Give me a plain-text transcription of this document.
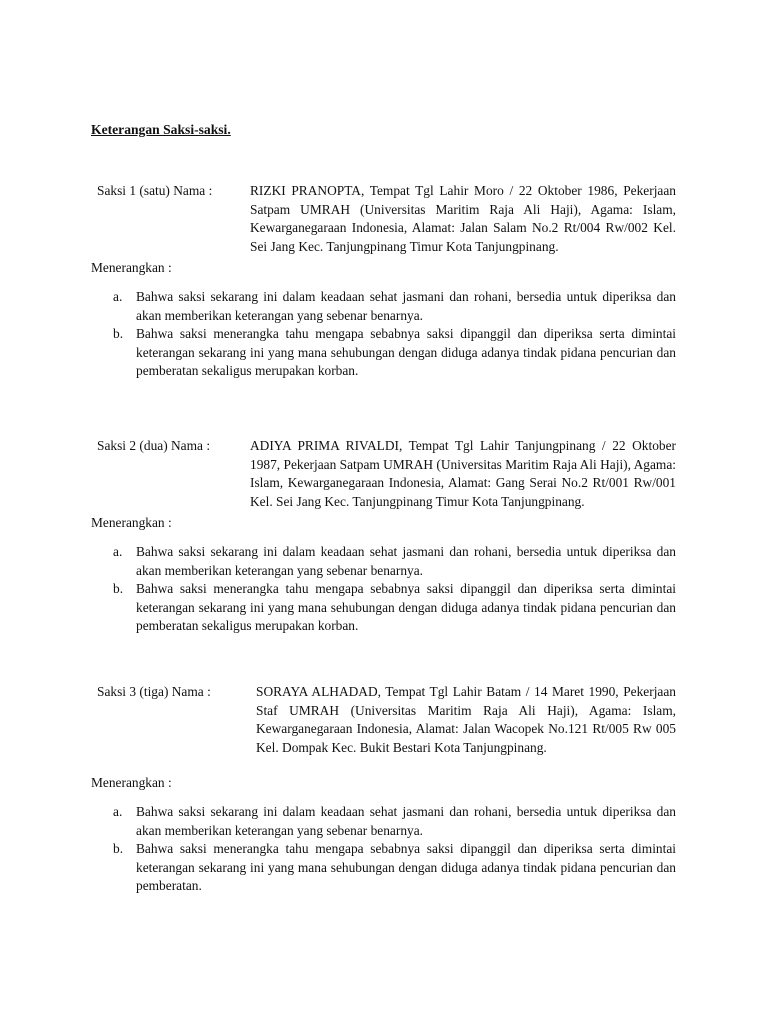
Keterangan Saksi-saksi.
Saksi 1 (satu) Nama :	RIZKI PRANOPTA, Tempat Tgl Lahir Moro / 22 Oktober 1986, Pekerjaan Satpam UMRAH (Universitas Maritim Raja Ali Haji), Agama: Islam, Kewarganegaraan Indonesia, Alamat: Jalan Salam No.2 Rt/004 Rw/002 Kel. Sei Jang Kec. Tanjungpinang Timur Kota Tanjungpinang.
Menerangkan :
a.	Bahwa saksi sekarang ini dalam keadaan sehat jasmani dan rohani, bersedia untuk diperiksa dan akan memberikan keterangan yang sebenar benarnya.
b. Bahwa saksi menerangka tahu mengapa sebabnya saksi dipanggil dan diperiksa serta dimintai keterangan sekarang ini yang mana sehubungan dengan diduga adanya tindak pidana pencurian dan pemberatan sekaligus merupakan korban.
Saksi 2 (dua) Nama :	ADIYA PRIMA RIVALDI, Tempat Tgl Lahir Tanjungpinang / 22 Oktober 1987, Pekerjaan Satpam UMRAH (Universitas Maritim Raja Ali Haji), Agama: Islam, Kewarganegaraan Indonesia, Alamat: Gang Serai No.2 Rt/001 Rw/001 Kel. Sei Jang Kec. Tanjungpinang Timur Kota Tanjungpinang.
Menerangkan :
a.	Bahwa saksi sekarang ini dalam keadaan sehat jasmani dan rohani, bersedia untuk diperiksa dan akan memberikan keterangan yang sebenar benarnya.
b. Bahwa saksi menerangka tahu mengapa sebabnya saksi dipanggil dan diperiksa serta dimintai keterangan sekarang ini yang mana sehubungan dengan diduga adanya tindak pidana pencurian dan pemberatan sekaligus merupakan korban.
Saksi 3 (tiga) Nama :	SORAYA ALHADAD, Tempat Tgl Lahir Batam / 14 Maret 1990, Pekerjaan Staf UMRAH (Universitas Maritim Raja Ali Haji), Agama: Islam, Kewarganegaraan Indonesia, Alamat: Jalan Wacopek No.121 Rt/005 Rw 005 Kel. Dompak Kec. Bukit Bestari Kota Tanjungpinang.
Menerangkan :
a.	Bahwa saksi sekarang ini dalam keadaan sehat jasmani dan rohani, bersedia untuk diperiksa dan akan memberikan keterangan yang sebenar benarnya.
b. Bahwa saksi menerangka tahu mengapa sebabnya saksi dipanggil dan diperiksa serta dimintai keterangan sekarang ini yang mana sehubungan dengan diduga adanya tindak pidana pencurian dan pemberatan.
